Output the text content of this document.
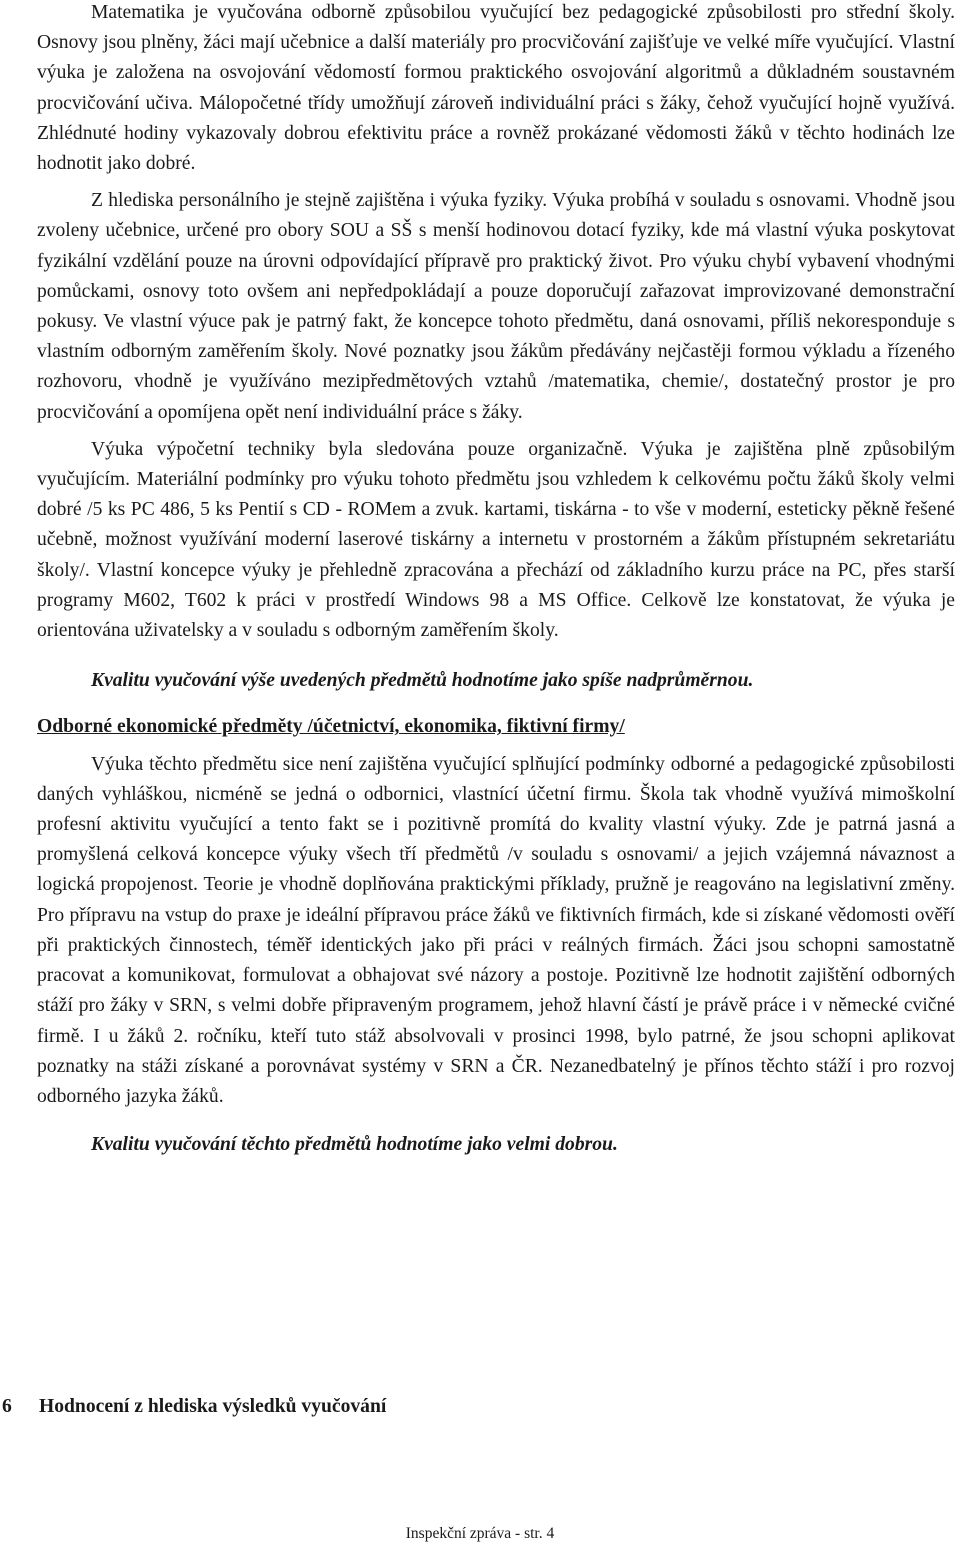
Matematika je vyučována odborně způsobilou vyučující bez pedagogické způsobilosti pro střední školy. Osnovy jsou plněny, žáci mají učebnice a další materiály pro procvičování zajišťuje ve velké míře vyučující. Vlastní výuka je založena na osvojování vědomostí formou praktického osvojování algoritmů a důkladném soustavném procvičování učiva. Málopočetné třídy umožňují zároveň individuální práci s žáky, čehož vyučující hojně využívá. Zhlédnuté hodiny vykazovaly dobrou efektivitu práce a rovněž prokázané vědomosti žáků v těchto hodinách lze hodnotit jako dobré.

Z hlediska personálního je stejně zajištěna i výuka fyziky. Výuka probíhá v souladu s osnovami. Vhodně jsou zvoleny učebnice, určené pro obory SOU a SŠ s menší hodinovou dotací fyziky, kde má vlastní výuka poskytovat fyzikální vzdělání pouze na úrovni odpovídající přípravě pro praktický život. Pro výuku chybí vybavení vhodnými pomůckami, osnovy toto ovšem ani nepředpokládají a pouze doporučují zařazovat improvizované demonstrační pokusy. Ve vlastní výuce pak je patrný fakt, že koncepce tohoto předmětu, daná osnovami, příliš nekoresponduje s vlastním odborným zaměřením školy. Nové poznatky jsou žákům předávány nejčastěji formou výkladu a řízeného rozhovoru, vhodně je využíváno mezipředmětových vztahů /matematika, chemie/, dostatečný prostor je pro procvičování a opomíjena opět není individuální práce s žáky.

Výuka výpočetní techniky byla sledována pouze organizačně. Výuka je zajištěna plně způsobilým vyučujícím. Materiální podmínky pro výuku tohoto předmětu jsou vzhledem k celkovému počtu žáků školy velmi dobré /5 ks PC 486, 5 ks Pentií s CD - ROMem a zvuk. kartami, tiskárna - to vše v moderní, esteticky pěkně řešené učebně, možnost využívání moderní laserové tiskárny a internetu v prostorném a žákům přístupném sekretariátu školy/. Vlastní koncepce výuky je přehledně zpracována a přechází od základního kurzu práce na PC, přes starší programy M602, T602 k práci v prostředí Windows 98 a MS Office. Celkově lze konstatovat, že výuka je orientována uživatelsky a v souladu s odborným zaměřením školy.

Kvalitu vyučování výše uvedených předmětů hodnotíme jako spíše nadprůměrnou.

Odborné ekonomické předměty /účetnictví, ekonomika, fiktivní firmy/

Výuka těchto předmětu sice není zajištěna vyučující splňující podmínky odborné a pedagogické způsobilosti daných vyhláškou, nicméně se jedná o odbornici, vlastnící účetní firmu. Škola tak vhodně využívá mimoškolní profesní aktivitu vyučující a tento fakt se i pozitivně promítá do kvality vlastní výuky. Zde je patrná jasná a promyšlená celková koncepce výuky všech tří předmětů /v souladu s osnovami/ a jejich vzájemná návaznost a logická propojenost. Teorie je vhodně doplňována praktickými příklady, pružně je reagováno na legislativní změny. Pro přípravu na vstup do praxe je ideální přípravou práce žáků ve fiktivních firmách, kde si získané vědomosti ověří při praktických činnostech, téměř identických jako při práci v reálných firmách. Žáci jsou schopni samostatně pracovat a komunikovat, formulovat a obhajovat své názory a postoje. Pozitivně lze hodnotit zajištění odborných stáží pro žáky v SRN, s velmi dobře připraveným programem, jehož hlavní částí je právě práce i v německé cvičné firmě. I u žáků 2. ročníku, kteří tuto stáž absolvovali v prosinci 1998, bylo patrné, že jsou schopni aplikovat poznatky na stáži získané a porovnávat systémy v SRN a ČR. Nezanedbatelný je přínos těchto stáží i pro rozvoj odborného jazyka žáků.

Kvalitu vyučování těchto předmětů hodnotíme jako velmi dobrou.

6 Hodnocení z hlediska výsledků vyučování
Inspekční zpráva - str. 4
